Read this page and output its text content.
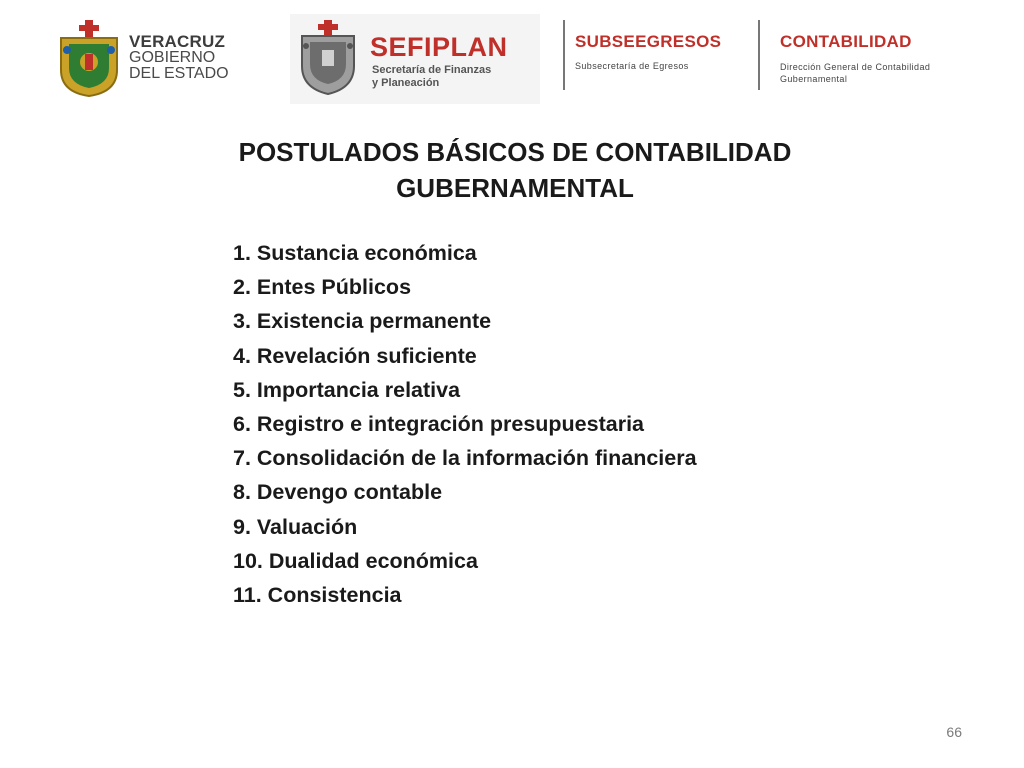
VERACRUZ
GOBIERNO
DEL ESTADO
SEFIPLAN
Secretaría de Finanzas
y Planeación
SUBSEEGRESOS
Subsecretaría de Egresos
CONTABILIDAD
Dirección General de Contabilidad
Gubernamental
POSTULADOS BÁSICOS DE CONTABILIDAD
GUBERNAMENTAL
1. Sustancia económica
2. Entes Públicos
3. Existencia permanente
4. Revelación suficiente
5. Importancia relativa
6. Registro e integración presupuestaria
7. Consolidación de la información financiera
8. Devengo contable
9. Valuación
10. Dualidad económica
11. Consistencia
66
